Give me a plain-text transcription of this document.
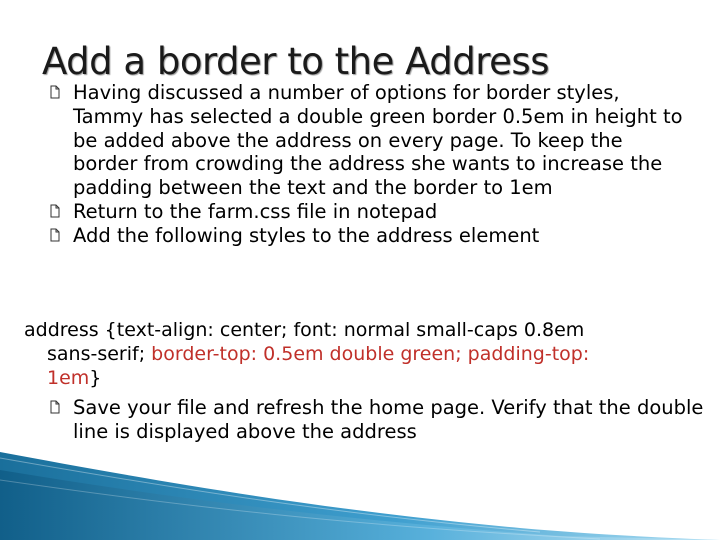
Add a border to the Address
Having discussed a number of options for border styles, Tammy has selected a double green border 0.5em in height to be added above the address on every page. To keep the border from crowding the address she wants to increase the padding between the text and the border to 1em
Return to the farm.css file in notepad
Add the following styles to the address element
address {text-align: center; font: normal small-caps 0.8em
sans-serif; border-top: 0.5em double green; padding-top:
1em}
Save your file and refresh the home page. Verify that the double line is displayed above the address
